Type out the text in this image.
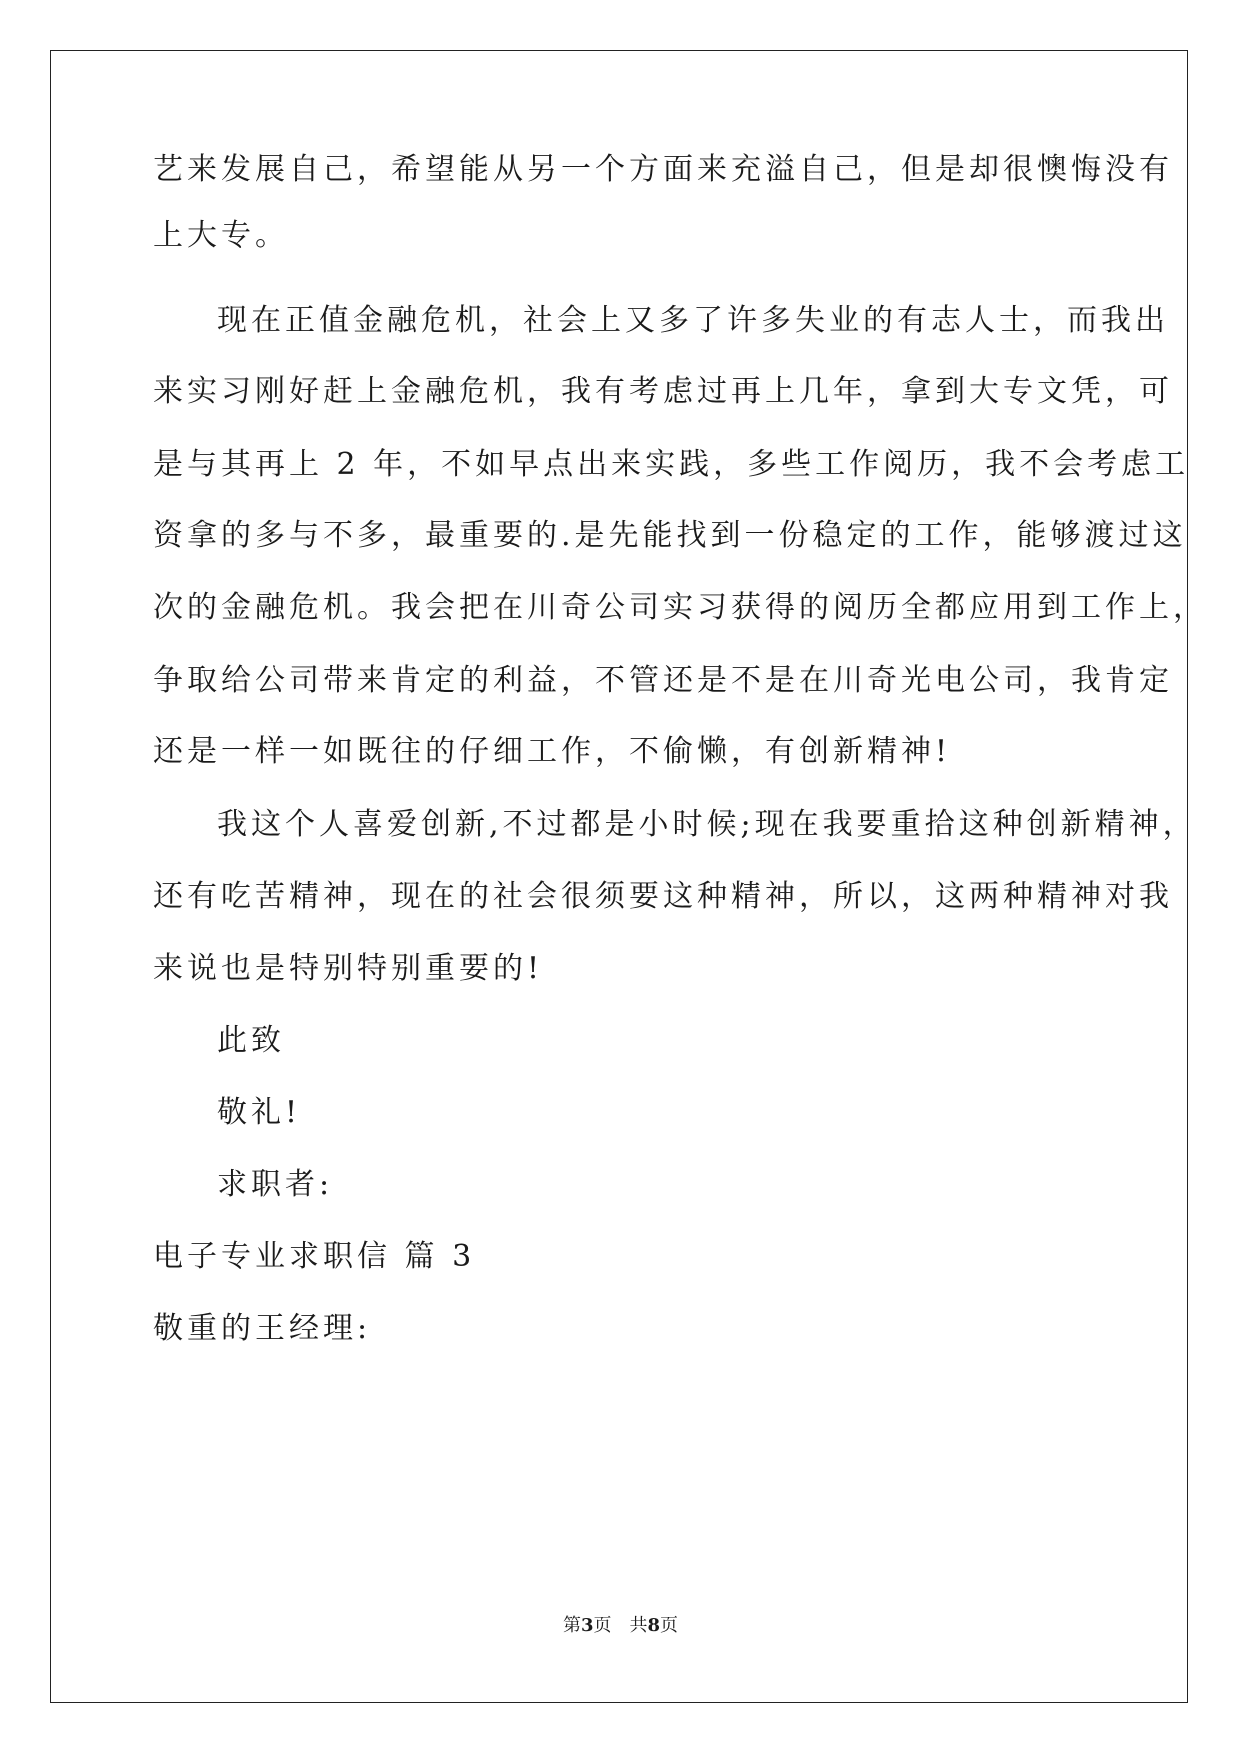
艺来发展自己，希望能从另一个方面来充溢自己，但是却很懊悔没有
上大专。
现在正值金融危机，社会上又多了许多失业的有志人士，而我出
来实习刚好赶上金融危机，我有考虑过再上几年，拿到大专文凭，可
是与其再上 2 年，不如早点出来实践，多些工作阅历，我不会考虑工
资拿的多与不多，最重要的.是先能找到一份稳定的工作，能够渡过这
次的金融危机。我会把在川奇公司实习获得的阅历全都应用到工作上，
争取给公司带来肯定的利益，不管还是不是在川奇光电公司，我肯定
还是一样一如既往的仔细工作，不偷懒，有创新精神!
我这个人喜爱创新,不过都是小时候;现在我要重拾这种创新精神，
还有吃苦精神，现在的社会很须要这种精神，所以，这两种精神对我
来说也是特别特别重要的!
此致
敬礼!
求职者:
电子专业求职信 篇 3
敬重的王经理:
第3页 共8页
